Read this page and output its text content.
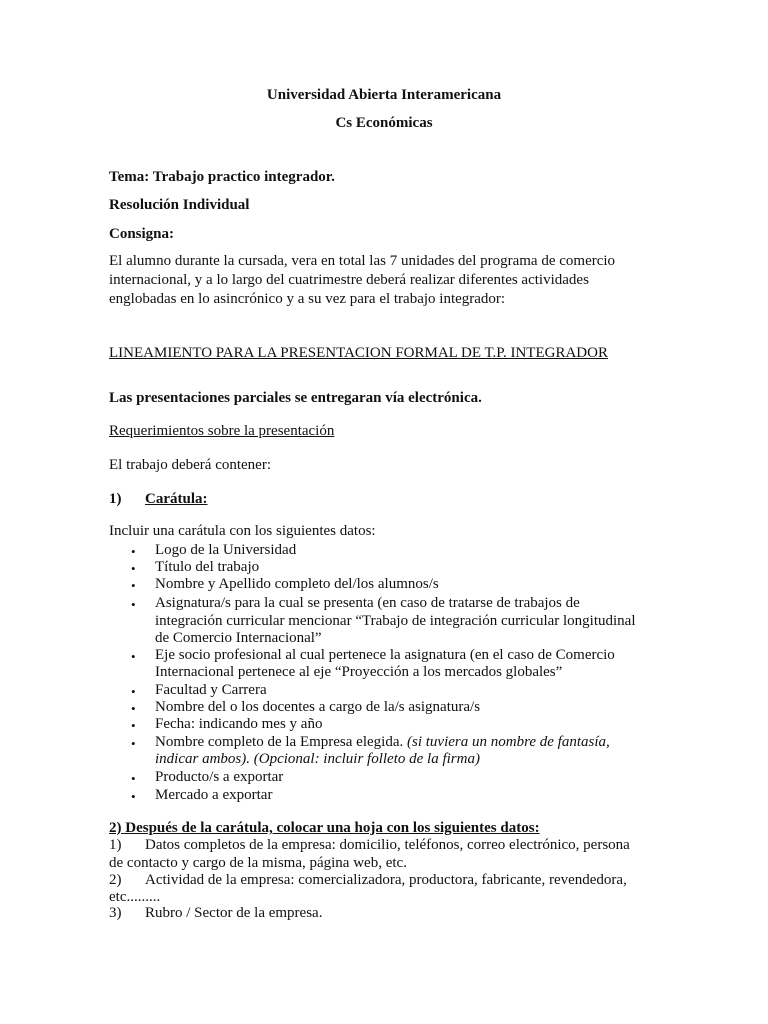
Universidad Abierta Interamericana
Cs Económicas
Tema: Trabajo practico integrador.
Resolución Individual
Consigna:
El alumno durante la cursada, vera en total las 7 unidades del programa de comercio
internacional, y a lo largo del cuatrimestre deberá realizar diferentes actividades
englobadas en lo asincrónico y a su vez para el trabajo integrador:
LINEAMIENTO PARA LA PRESENTACION FORMAL DE T.P. INTEGRADOR
Las presentaciones parciales se entregaran vía electrónica.
Requerimientos sobre la presentación
El trabajo deberá contener:
1) Carátula:
Incluir una carátula con los siguientes datos:
• Logo de la Universidad
• Título del trabajo
• Nombre y Apellido completo del/los alumnos/s
• Asignatura/s para la cual se presenta (en caso de tratarse de trabajos de
integración curricular mencionar “Trabajo de integración curricular longitudinal
de Comercio Internacional”
• Eje socio profesional al cual pertenece la asignatura (en el caso de Comercio
Internacional pertenece al eje “Proyección a los mercados globales”
• Facultad y Carrera
• Nombre del o los docentes a cargo de la/s asignatura/s
• Fecha: indicando mes y año
• Nombre completo de la Empresa elegida. (si tuviera un nombre de fantasía,
indicar ambos). (Opcional: incluir folleto de la firma)
• Producto/s a exportar
• Mercado a exportar
2) Después de la carátula, colocar una hoja con los siguientes datos:
1) Datos completos de la empresa: domicilio, teléfonos, correo electrónico, persona
de contacto y cargo de la misma, página web, etc.
2) Actividad de la empresa: comercializadora, productora, fabricante, revendedora,
etc.........
3) Rubro / Sector de la empresa.
